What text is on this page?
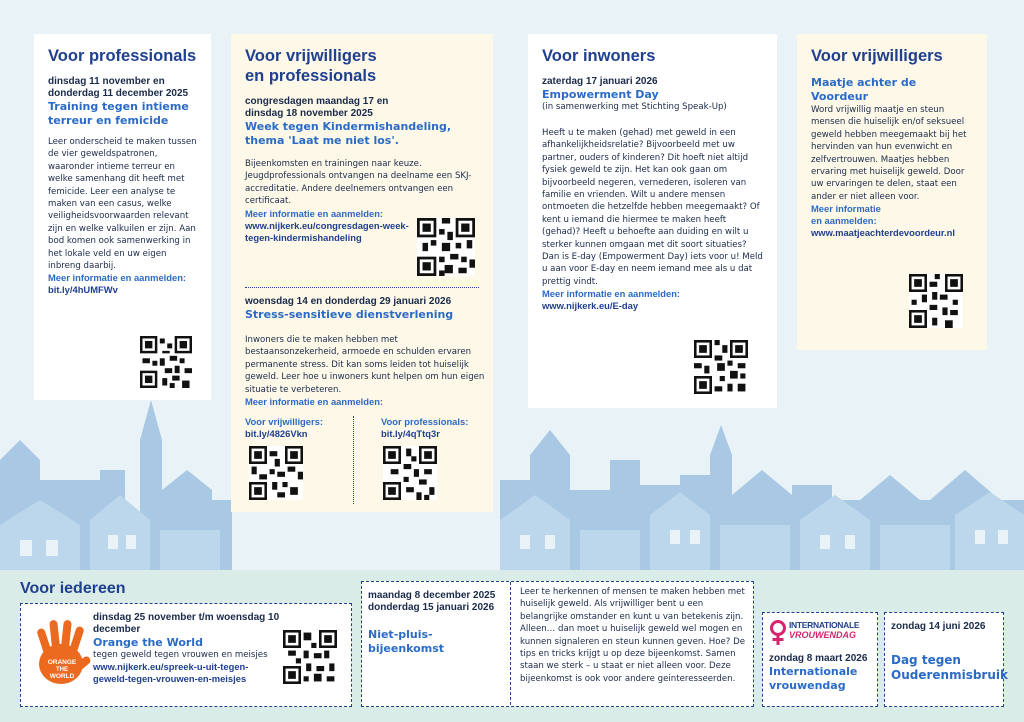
Voor professionals
dinsdag 11 november en donderdag 11 december 2025
Training tegen intieme terreur en femicide
Leer onderscheid te maken tussen de vier geweldspatronen, waaronder intieme terreur en welke samenhang dit heeft met femicide. Leer een analyse te maken van een casus, welke veiligheidsvoorwaarden relevant zijn en welke valkuilen er zijn. Aan bod komen ook samenwerking in het lokale veld en uw eigen inbreng daarbij.
Meer informatie en aanmelden:
bit.ly/4hUMFWv
Voor vrijwilligers
en professionals
congresdagen maandag 17 en dinsdag 18 november 2025
Week tegen Kindermishandeling, thema 'Laat me niet los'.
Bijeenkomsten en trainingen naar keuze. Jeugdprofessionals ontvangen na deelname een SKJ-accreditatie. Andere deelnemers ontvangen een certificaat.
Meer informatie en aanmelden:
www.nijkerk.eu/congresdagen-week-tegen-kindermishandeling
woensdag 14 en donderdag 29 januari 2026
Stress-sensitieve dienstverlening
Inwoners die te maken hebben met bestaansonzekerheid, armoede en schulden ervaren permanente stress. Dit kan soms leiden tot huiselijk geweld. Leer hoe u inwoners kunt helpen om hun eigen situatie te verbeteren.
Meer informatie en aanmelden:
Voor vrijwilligers:
bit.ly/4826Vkn
Voor professionals:
bit.ly/4qTtq3r
Voor inwoners
zaterdag 17 januari 2026
Empowerment Day
(in samenwerking met Stichting Speak-Up)
Heeft u te maken (gehad) met geweld in een afhankelijkheidsrelatie? Bijvoorbeeld met uw partner, ouders of kinderen? Dit hoeft niet altijd fysiek geweld te zijn. Het kan ook gaan om bijvoorbeeld negeren, vernederen, isoleren van familie en vrienden. Wilt u andere mensen ontmoeten die hetzelfde hebben meegemaakt? Of kent u iemand die hiermee te maken heeft (gehad)? Heeft u behoefte aan duiding en wilt u sterker kunnen omgaan met dit soort situaties? Dan is E-day (Empowerment Day) iets voor u! Meld u aan voor E-day en neem iemand mee als u dat prettig vindt.
Meer informatie en aanmelden:
www.nijkerk.eu/E-day
Voor vrijwilligers
Maatje achter de Voordeur
Word vrijwillig maatje en steun mensen die huiselijk en/of seksueel geweld hebben meegemaakt bij het hervinden van hun evenwicht en zelfvertrouwen. Maatjes hebben ervaring met huiselijk geweld. Door uw ervaringen te delen, staat een ander er niet alleen voor.
Meer informatie
en aanmelden:
www.maatjeachterdevoordeur.nl
Voor iedereen
ORANGE
THE
WORLD
dinsdag 25 november t/m woensdag 10 december
Orange the World
tegen geweld tegen vrouwen en meisjes
www.nijkerk.eu/spreek-u-uit-tegen-geweld-tegen-vrouwen-en-meisjes
maandag 8 december 2025
donderdag 15 januari 2026
Niet-pluis-bijeenkomst
Leer te herkennen of mensen te maken hebben met huiselijk geweld. Als vrijwilliger bent u een belangrijke omstander en kunt u van betekenis zijn. Alleen… dan moet u huiselijk geweld wel mogen en kunnen signaleren en steun kunnen geven. Hoe? De tips en tricks krijgt u op deze bijeenkomst. Samen staan we sterk – u staat er niet alleen voor. Deze bijeenkomst is ook voor andere geinteresseerden.
INTERNATIONALE
VROUWENDAG
zondag 8 maart 2026
Internationale
vrouwendag
zondag 14 juni 2026
Dag tegen
Ouderenmisbruik
